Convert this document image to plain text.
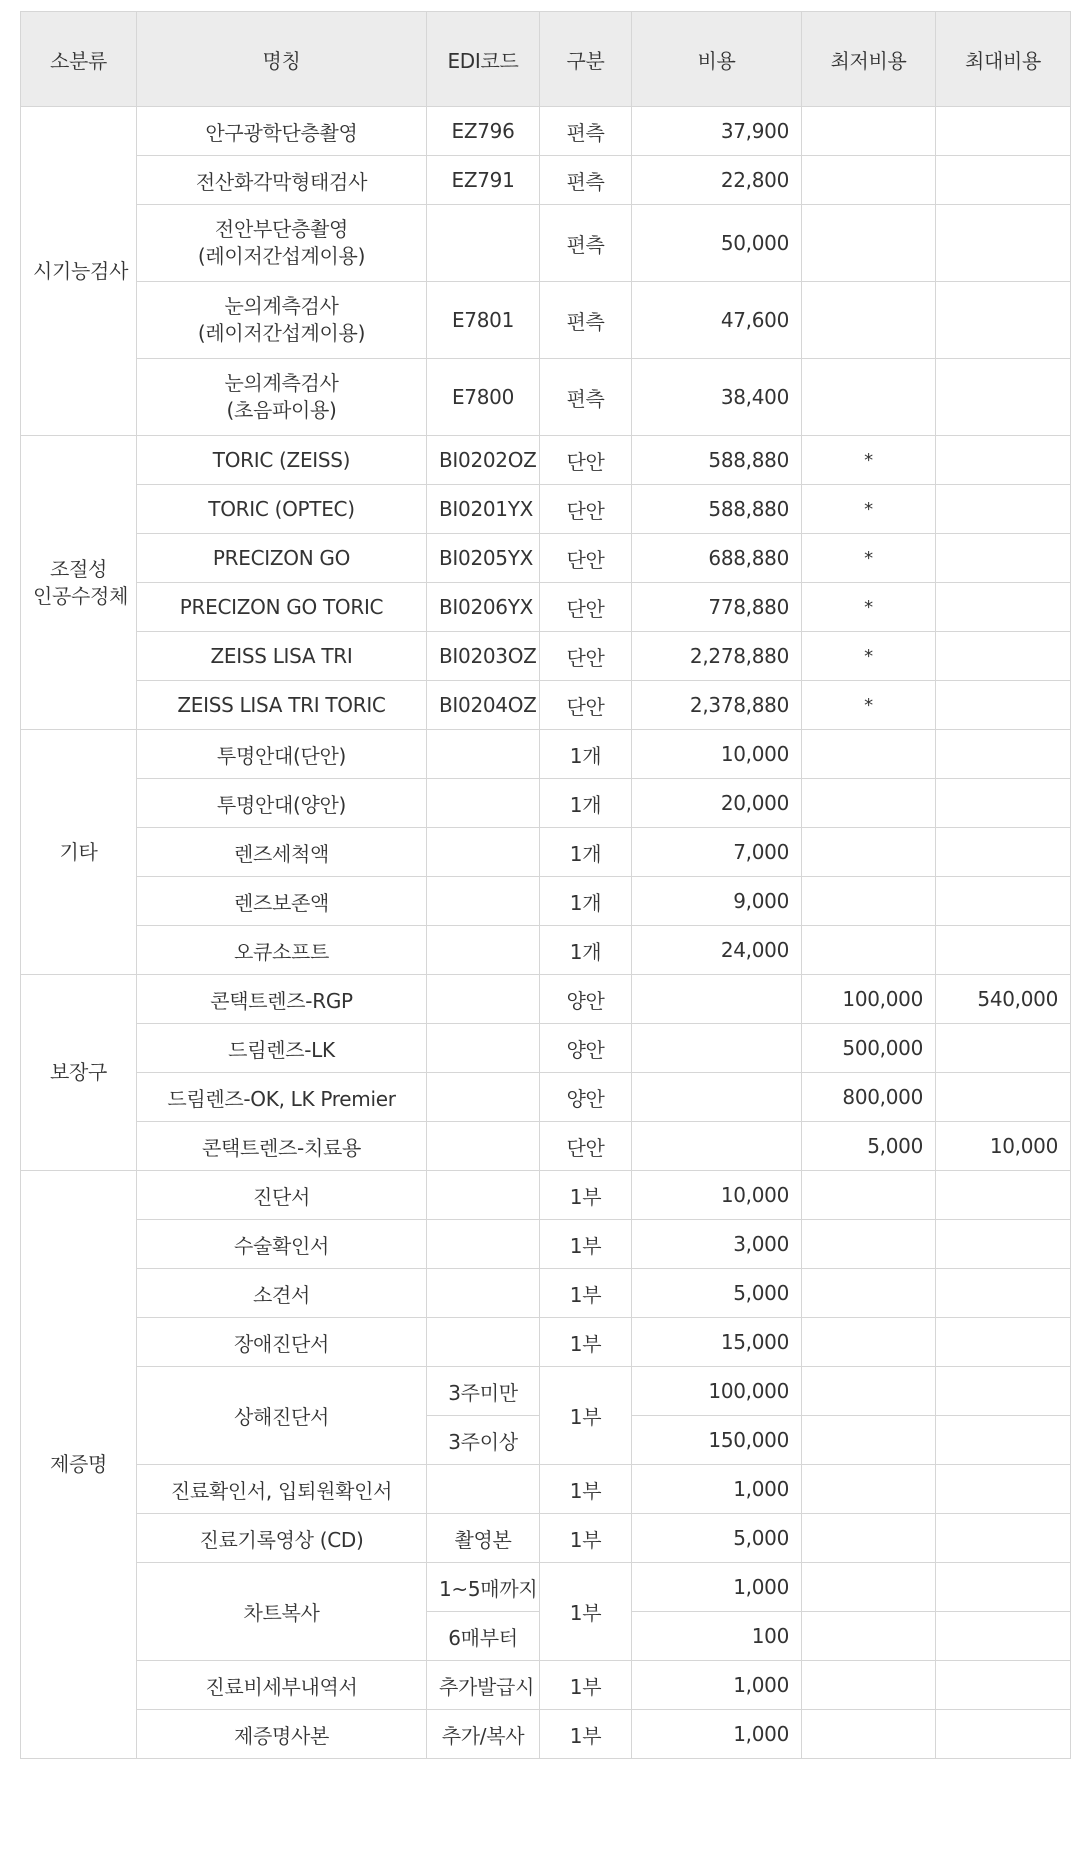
소분류	명칭	EDI코드	구분	비용	최저비용	최대비용
시기능검사	안구광학단층촬영	EZ796	편측	37,900		
	전산화각막형태검사	EZ791	편측	22,800		

	전안부단층촬영
(레이저간섭계이용)		편측	50,000		

	눈의계측검사
(레이저간섭계이용)	E7801	편측	47,600		

	눈의계측검사
(초음파이용)	E7800	편측	38,400		

조절성
인공수정체	TORIC (ZEISS)	BI0202OZ	단안	588,880	*	
	TORIC (OPTEC)	BI0201YX	단안	588,880	*	
	PRECIZON GO	BI0205YX	단안	688,880	*	
	PRECIZON GO TORIC	BI0206YX	단안	778,880	*	
	ZEISS LISA TRI	BI0203OZ	단안	2,278,880	*	
	ZEISS LISA TRI TORIC	BI0204OZ	단안	2,378,880	*	
기타	투명안대(단안)		1개	10,000		
	투명안대(양안)		1개	20,000		
	렌즈세척액		1개	7,000		
	렌즈보존액		1개	9,000		
	오큐소프트		1개	24,000		
보장구	콘택트렌즈-RGP		양안		100,000	540,000
	드림렌즈-LK		양안		500,000	
	드림렌즈-OK, LK Premier		양안		800,000	
	콘택트렌즈-치료용		단안		5,000	10,000
제증명	진단서		1부	10,000		
	수술확인서		1부	3,000		
	소견서		1부	5,000		
	장애진단서		1부	15,000		
	상해진단서	3주미만	1부	100,000		
		3주이상		150,000		
	진료확인서, 입퇴원확인서		1부	1,000		
	진료기록영상 (CD)	촬영본	1부	5,000		
	차트복사	1~5매까지	1부	1,000		
		6매부터		100		
	진료비세부내역서	추가발급시	1부	1,000		
	제증명사본	추가/복사	1부	1,000		
